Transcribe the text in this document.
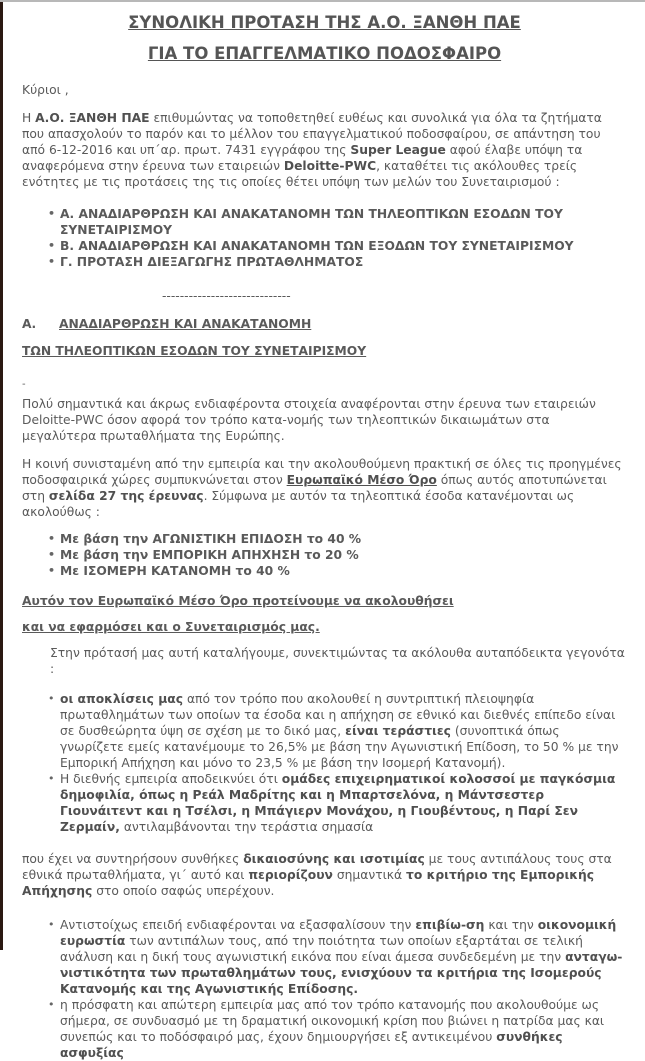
ΣΥΝΟΛΙΚΗ ΠΡΟΤΑΣΗ ΤΗΣ Α.Ο. ΞΑΝΘΗ ΠΑΕ
ΓΙΑ ΤΟ ΕΠΑΓΓΕΛΜΑΤΙΚΟ ΠΟΔΟΣΦΑΙΡΟ

Κύριοι ,

Η Α.Ο. ΞΑΝΘΗ ΠΑΕ επιθυμώντας να τοποθετηθεί ευθέως και συνολικά για όλα τα ζητήματα που απασχολούν το παρόν και το μέλλον του επαγγελματικού ποδοσφαίρου, σε απάντηση του από 6-12-2016 και υπ΄αρ. πρωτ. 7431 εγγράφου της Super League αφού έλαβε υπόψη τα αναφερόμενα στην έρευνα των εταιρειών Deloitte-PWC, καταθέτει τις ακόλουθες τρείς ενότητες με τις προτάσεις της τις οποίες θέτει υπόψη των μελών του Συνεταιρισμού :

• Α. ΑΝΑΔΙΑΡΘΡΩΣΗ ΚΑΙ ΑΝΑΚΑΤΑΝΟΜΗ ΤΩΝ ΤΗΛΕΟΠΤΙΚΩΝ ΕΣΟΔΩΝ ΤΟΥ ΣΥΝΕΤΑΙΡΙΣΜΟΥ
• Β. ΑΝΑΔΙΑΡΘΡΩΣΗ ΚΑΙ ΑΝΑΚΑΤΑΝΟΜΗ ΤΩΝ ΕΞΟΔΩΝ ΤΟΥ ΣΥΝΕΤΑΙΡΙΣΜΟΥ
• Γ. ΠΡΟΤΑΣΗ ΔΙΕΞΑΓΩΓΗΣ ΠΡΩΤΑΘΛΗΜΑΤΟΣ

-----------------------------

Α. ΑΝΑΔΙΑΡΘΡΩΣΗ ΚΑΙ ΑΝΑΚΑΤΑΝΟΜΗ

ΤΩΝ ΤΗΛΕΟΠΤΙΚΩΝ ΕΣΟΔΩΝ ΤΟΥ ΣΥΝΕΤΑΙΡΙΣΜΟΥ

-

Πολύ σημαντικά και άκρως ενδιαφέροντα στοιχεία αναφέρονται στην έρευνα των εταιρειών Deloitte-PWC όσον αφορά τον τρόπο κατα-νομής των τηλεοπτικών δικαιωμάτων στα μεγαλύτερα πρωταθλήματα της Ευρώπης.

Η κοινή συνισταμένη από την εμπειρία και την ακολουθούμενη πρακτική σε όλες τις προηγμένες ποδοσφαιρικά χώρες συμπυκνώνεται στον Ευρωπαϊκό Μέσο Όρο όπως αυτός αποτυπώνεται στη σελίδα 27 της έρευνας. Σύμφωνα με αυτόν τα τηλεοπτικά έσοδα κατανέμονται ως ακολούθως :

• Με βάση την ΑΓΩΝΙΣΤΙΚΗ ΕΠΙΔΟΣΗ το 40 %
• Με βάση την ΕΜΠΟΡΙΚΗ ΑΠΗΧΗΣΗ το 20 %
• Με ΙΣΟΜΕΡΗ ΚΑΤΑΝΟΜΗ το 40 %

Αυτόν τον Ευρωπαϊκό Μέσο Όρο προτείνουμε να ακολουθήσει

και να εφαρμόσει και ο Συνεταιρισμός μας.

Στην πρότασή μας αυτή καταλήγουμε, συνεκτιμώντας τα ακόλουθα αυταπόδεικτα γεγονότα :

• οι αποκλίσεις μας από τον τρόπο που ακολουθεί η συντριπτική πλειοψηφία πρωταθλημάτων των οποίων τα έσοδα και η απήχηση σε εθνικό και διεθνές επίπεδο είναι σε δυσθεώρητα ύψη σε σχέση με το δικό μας, είναι τεράστιες (συνοπτικά όπως γνωρίζετε εμείς κατανέμουμε το 26,5% με βάση την Αγωνιστική Επίδοση, το 50 % με την Εμπορική Απήχηση και μόνο το 23,5 % με βάση την Ισομερή Κατανομή).
• Η διεθνής εμπειρία αποδεικνύει ότι ομάδες επιχειρηματικοί κολοσσοί με παγκόσμια δημοφιλία, όπως η Ρεάλ Μαδρίτης και η Μπαρτσελόνα, η Μάντσεστερ Γιουνάιτεντ και η Τσέλσι, η Μπάγιερν Μονάχου, η Γιουβέντους, η Παρί Σεν Ζερμαίν, αντιλαμβάνονται την τεράστια σημασία

που έχει να συντηρήσουν συνθήκες δικαιοσύνης και ισοτιμίας με τους αντιπάλους τους στα εθνικά πρωταθλήματα, γι΄ αυτό και περιορίζουν σημαντικά το κριτήριο της Εμπορικής Απήχησης στο οποίο σαφώς υπερέχουν.

• Αντιστοίχως επειδή ενδιαφέρονται να εξασφαλίσουν την επιβίω-ση και την οικονομική ευρωστία των αντιπάλων τους, από την ποιότητα των οποίων εξαρτάται σε τελική ανάλυση και η δική τους αγωνιστική εικόνα που είναι άμεσα συνδεδεμένη με την ανταγω-νιστικότητα των πρωταθλημάτων τους, ενισχύουν τα κριτήρια της Ισομερούς Κατανομής και της Αγωνιστικής Επίδοσης.
• η πρόσφατη και απώτερη εμπειρία μας από τον τρόπο κατανομής που ακολουθούμε ως σήμερα, σε συνδυασμό με τη δραματική οικονομική κρίση που βιώνει η πατρίδα μας και συνεπώς και το ποδόσφαιρό μας, έχουν δημιουργήσει εξ αντικειμένου συνθήκες ασφυξίας
